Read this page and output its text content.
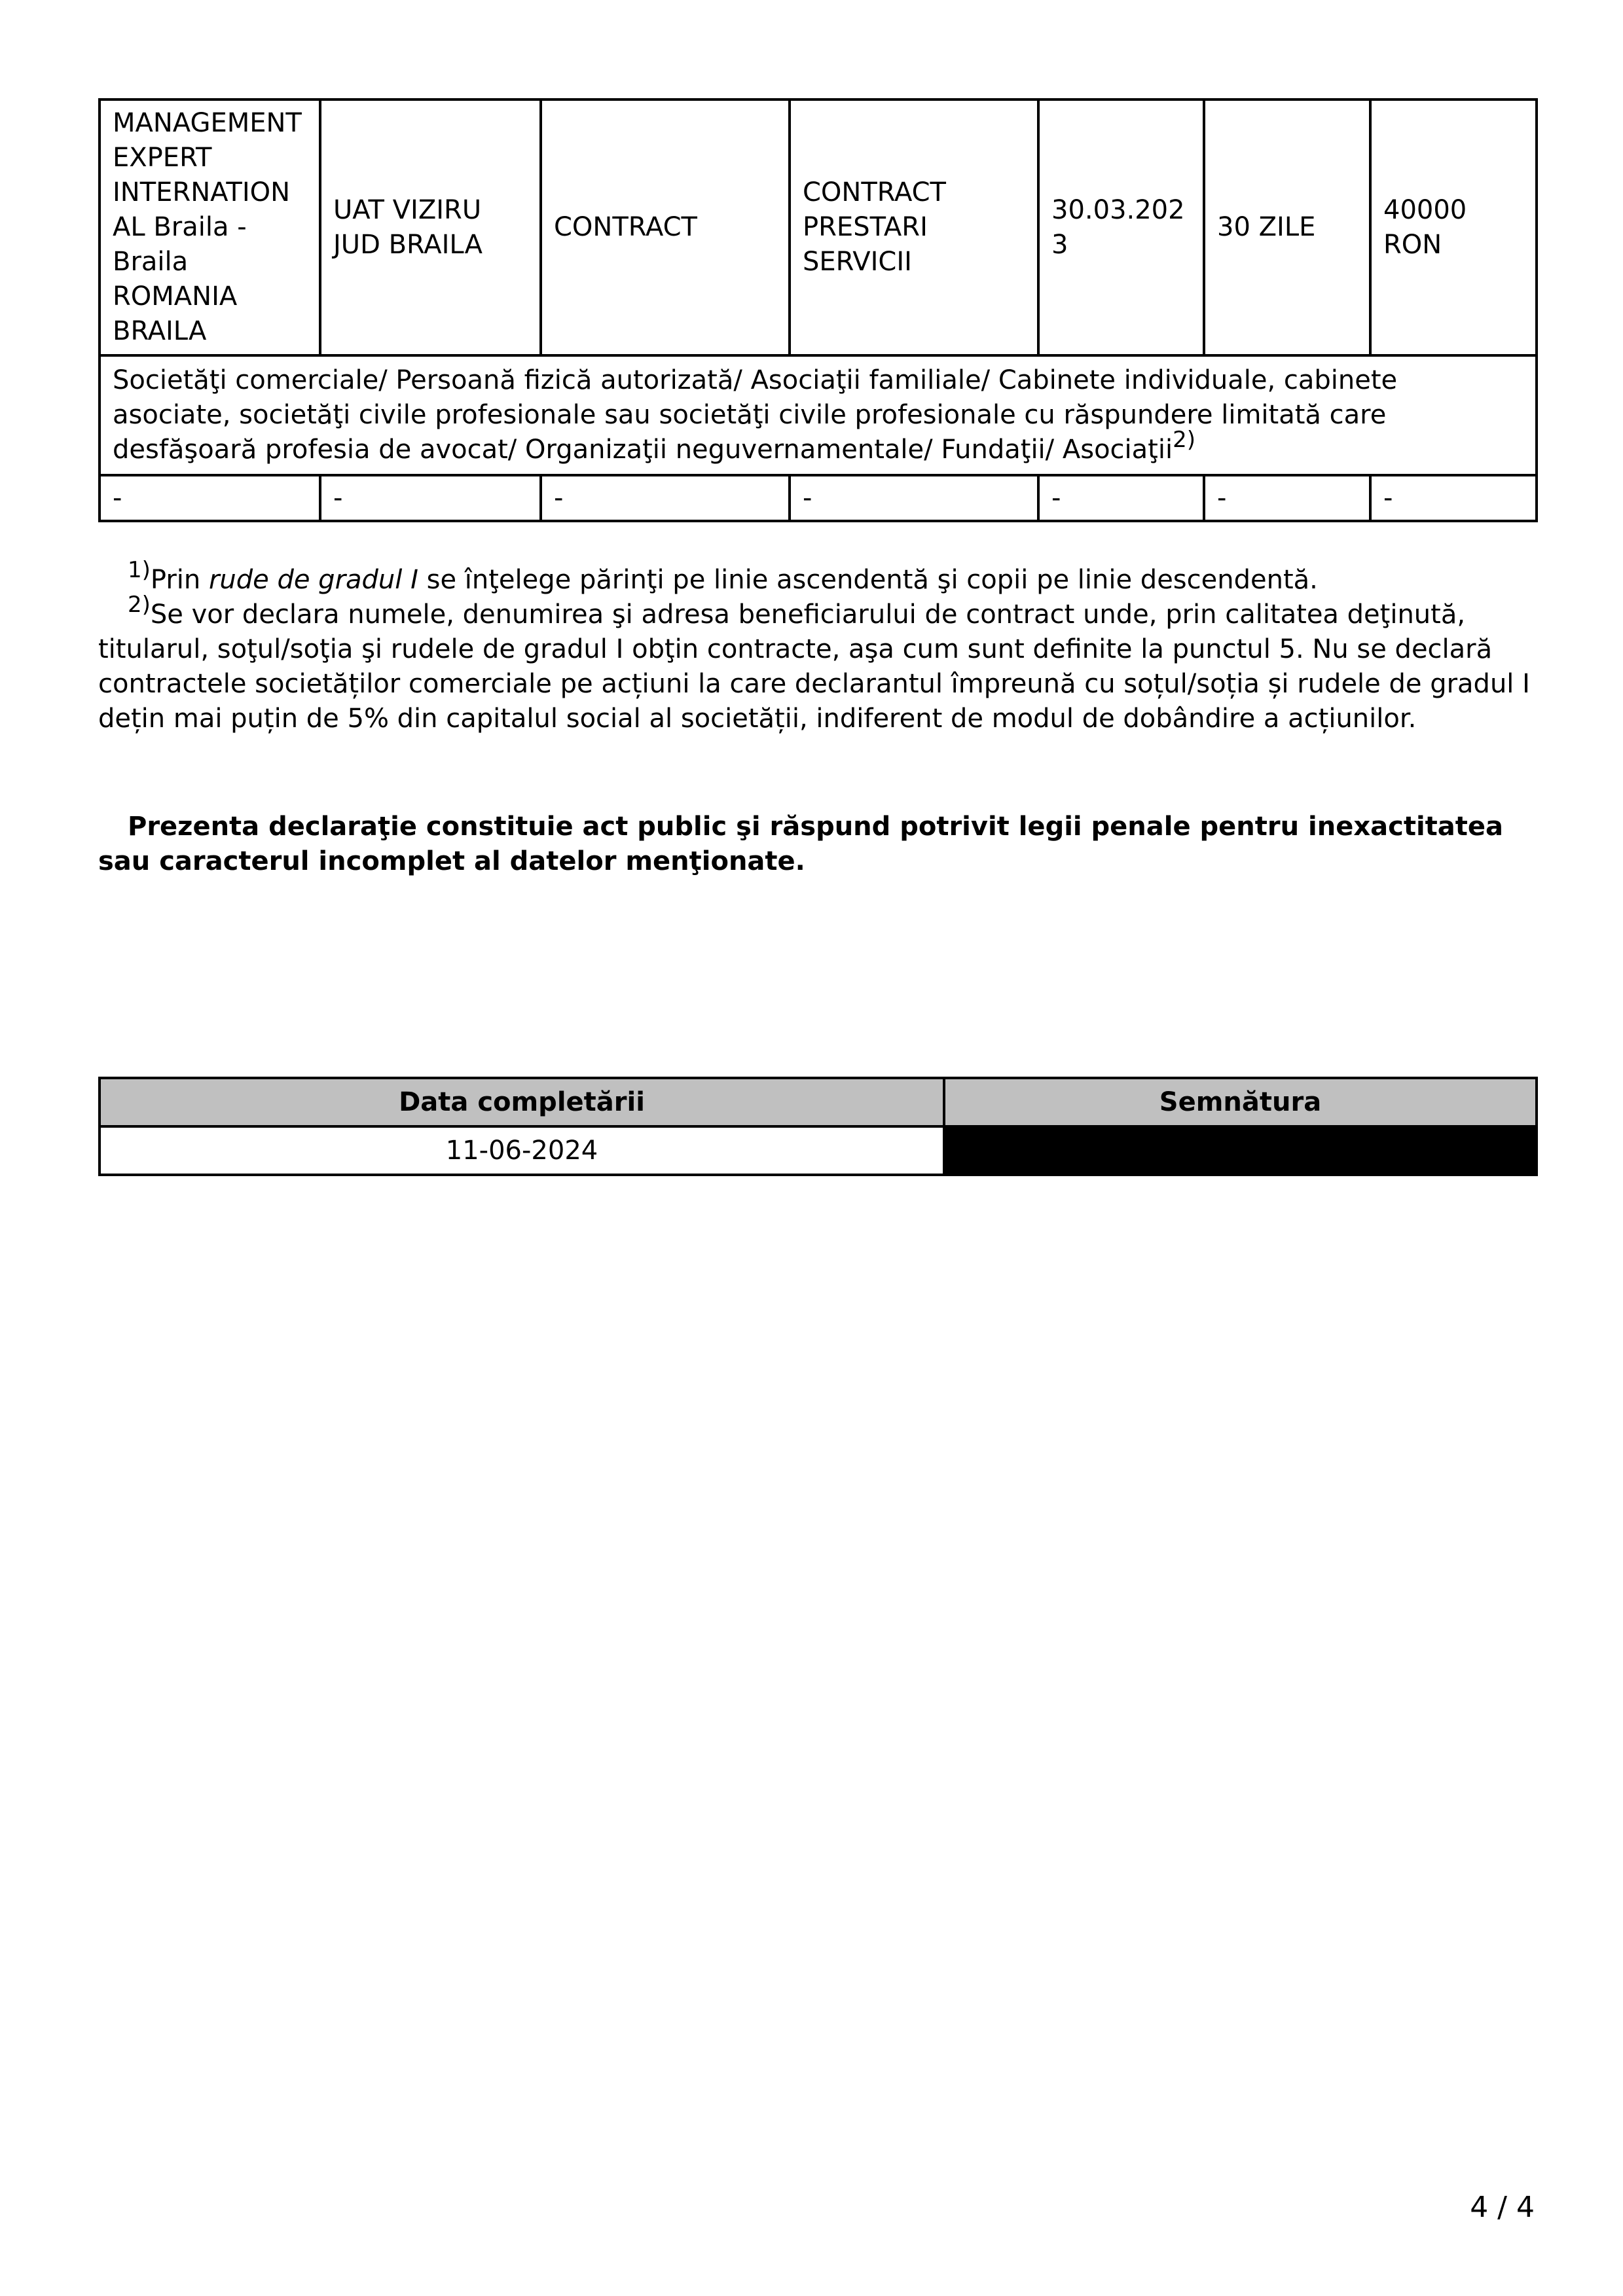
MANAGEMENT EXPERT INTERNATIONAL Braila - Braila ROMANIA BRAILA	UAT VIZIRU JUD BRAILA	CONTRACT	CONTRACT PRESTARI SERVICII	30.03.2023	30 ZILE	40000 RON
Societăţi comerciale/ Persoană fizică autorizată/ Asociaţii familiale/ Cabinete individuale, cabinete asociate, societăţi civile profesionale sau societăţi civile profesionale cu răspundere limitată care desfăşoară profesia de avocat/ Organizaţii neguvernamentale/ Fundaţii/ Asociaţii$^{2)}$
-	-	-	-	-	-	-

$^{1)}$Prin rude de gradul I se înţelege părinţi pe linie ascendentă şi copii pe linie descendentă.

$^{2)}$Se vor declara numele, denumirea şi adresa beneficiarului de contract unde, prin calitatea deţinută, titularul, soţul/soţia şi rudele de gradul I obţin contracte, aşa cum sunt definite la punctul 5. Nu se declară contractele societăților comerciale pe acțiuni la care declarantul împreună cu soțul/soția și rudele de gradul I dețin mai puțin de 5% din capitalul social al societății, indiferent de modul de dobândire a acțiunilor.

Prezenta declaraţie constituie act public şi răspund potrivit legii penale pentru inexactitatea sau caracterul incomplet al datelor menţionate.

Data completării	Semnătura
11-06-2024	
4 / 4
